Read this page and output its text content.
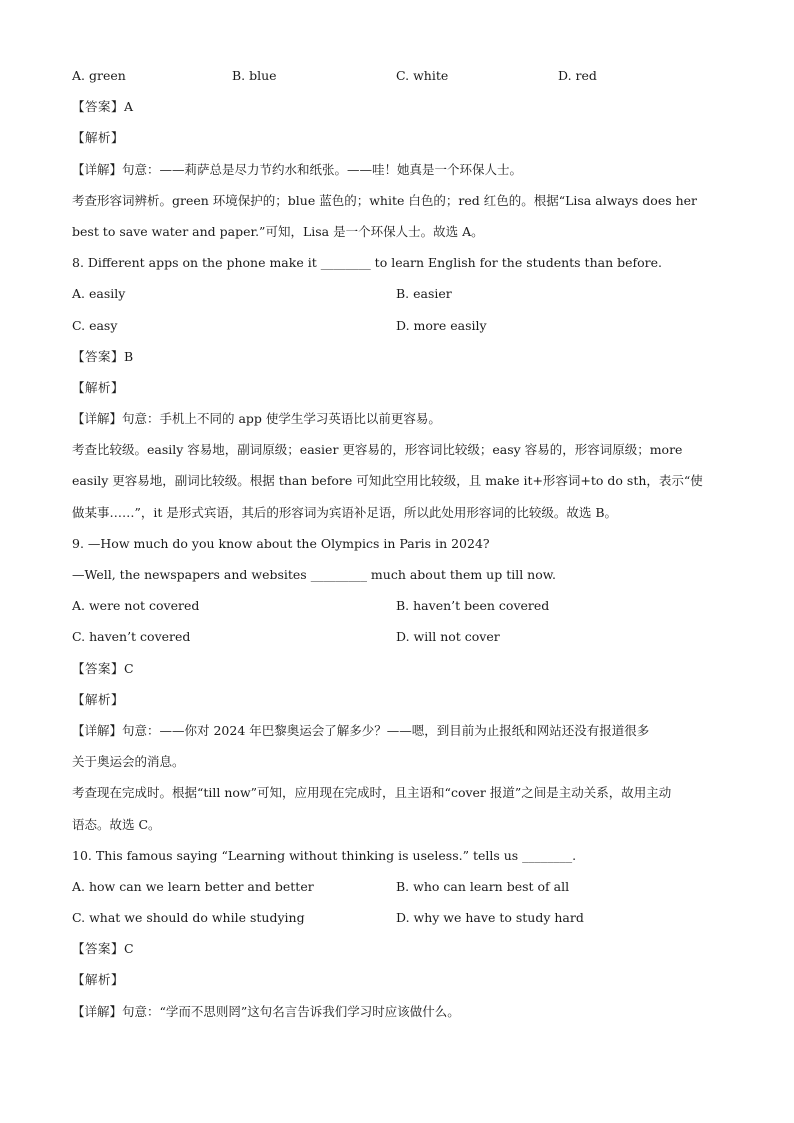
A. green	B. blue	C. white	D. red
【答案】A
【解析】
【详解】句意：——莉萨总是尽力节约水和纸张。——哇！她真是一个环保人士。
考查形容词辨析。green 环境保护的；blue 蓝色的；white 白色的；red 红色的。根据“Lisa always does her
best to save water and paper.”可知，Lisa 是一个环保人士。故选 A。
8. Different apps on the phone make it ________ to learn English for the students than before.
A. easily	B. easier
C. easy	D. more easily
【答案】B
【解析】
【详解】句意：手机上不同的 app 使学生学习英语比以前更容易。
考查比较级。easily 容易地，副词原级；easier 更容易的，形容词比较级；easy 容易的，形容词原级；more
easily 更容易地，副词比较级。根据 than before 可知此空用比较级，且 make it+形容词+to do sth，表示“使
做某事……”，it 是形式宾语，其后的形容词为宾语补足语，所以此处用形容词的比较级。故选 B。
9. —How much do you know about the Olympics in Paris in 2024?
—Well, the newspapers and websites _________ much about them up till now.
A. were not covered	B. haven’t been covered
C. haven’t covered	D. will not cover
【答案】C
【解析】
【详解】句意：——你对 2024 年巴黎奥运会了解多少？——嗯，到目前为止报纸和网站还没有报道很多
关于奥运会的消息。
考查现在完成时。根据“till now”可知，应用现在完成时，且主语和“cover 报道”之间是主动关系，故用主动
语态。故选 C。
10. This famous saying “Learning without thinking is useless.” tells us ________.
A. how can we learn better and better	B. who can learn best of all
C. what we should do while studying	D. why we have to study hard
【答案】C
【解析】
【详解】句意：“学而不思则罔”这句名言告诉我们学习时应该做什么。
